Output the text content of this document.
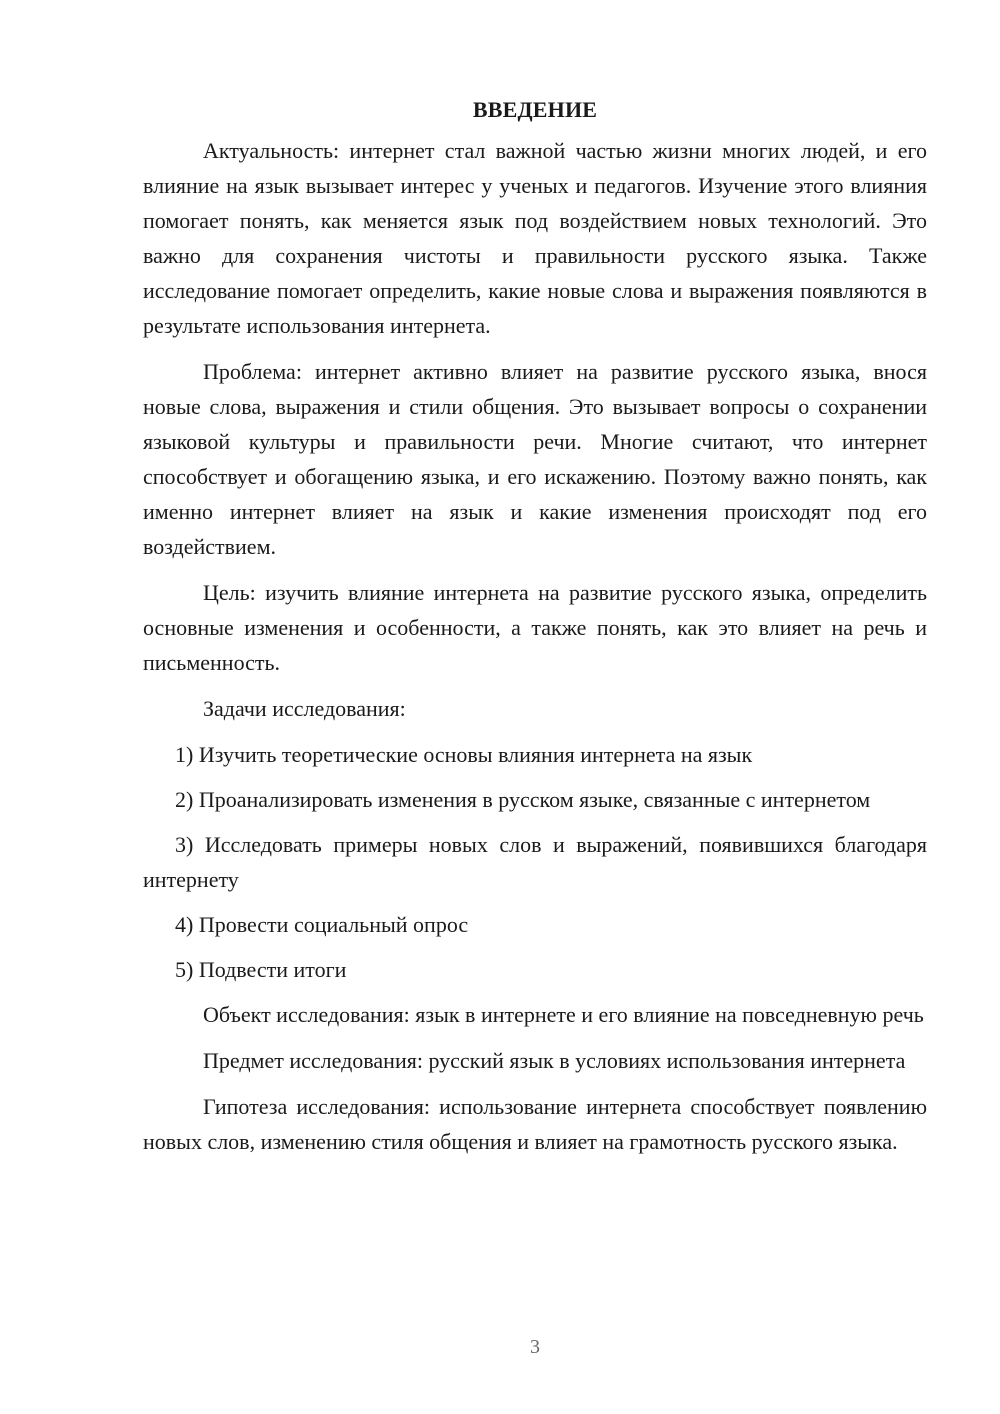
ВВЕДЕНИЕ

Актуальность: интернет стал важной частью жизни многих людей, и его влияние на язык вызывает интерес у ученых и педагогов. Изучение этого влияния помогает понять, как меняется язык под воздействием новых технологий. Это важно для сохранения чистоты и правильности русского языка. Также исследование помогает определить, какие новые слова и выражения появляются в результате использования интернета.

Проблема: интернет активно влияет на развитие русского языка, внося новые слова, выражения и стили общения. Это вызывает вопросы о сохранении языковой культуры и правильности речи. Многие считают, что интернет способствует и обогащению языка, и его искажению. Поэтому важно понять, как именно интернет влияет на язык и какие изменения происходят под его воздействием.

Цель: изучить влияние интернета на развитие русского языка, определить основные изменения и особенности, а также понять, как это влияет на речь и письменность.

Задачи исследования:

1) Изучить теоретические основы влияния интернета на язык

2) Проанализировать изменения в русском языке, связанные с интернетом

3) Исследовать примеры новых слов и выражений, появившихся благодаря интернету

4) Провести социальный опрос

5) Подвести итоги

Объект исследования: язык в интернете и его влияние на повседневную речь

Предмет исследования: русский язык в условиях использования интернета

Гипотеза исследования: использование интернета способствует появлению новых слов, изменению стиля общения и влияет на грамотность русского языка.

3
